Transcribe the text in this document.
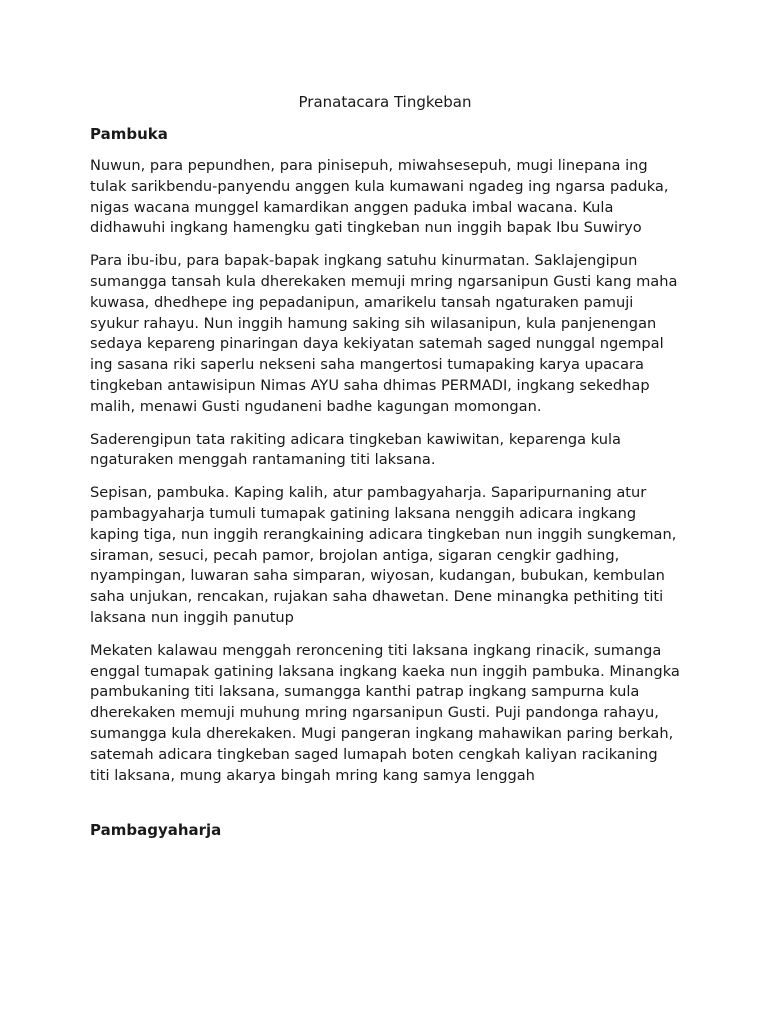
Pranatacara Tingkeban
Pambuka

Nuwun, para pepundhen, para pinisepuh, miwahsesepuh, mugi linepana ing tulak sarikbendu-panyendu anggen kula kumawani ngadeg ing ngarsa paduka, nigas wacana munggel kamardikan anggen paduka imbal wacana. Kula didhawuhi ingkang hamengku gati tingkeban nun inggih bapak Ibu Suwiryo

Para ibu-ibu, para bapak-bapak ingkang satuhu kinurmatan. Saklajengipun sumangga tansah kula dherekaken memuji mring ngarsanipun Gusti kang maha kuwasa, dhedhepe ing pepadanipun, amarikelu tansah ngaturaken pamuji syukur rahayu. Nun inggih hamung saking sih wilasanipun, kula panjenengan sedaya kepareng pinaringan daya kekiyatan satemah saged nunggal ngempal ing sasana riki saperlu nekseni saha mangertosi tumapaking karya upacara tingkeban antawisipun Nimas AYU saha dhimas PERMADI, ingkang sekedhap malih, menawi Gusti ngudaneni badhe kagungan momongan.

Saderengipun tata rakiting adicara tingkeban kawiwitan, keparenga kula ngaturaken menggah rantamaning titi laksana.

Sepisan, pambuka. Kaping kalih, atur pambagyaharja. Saparipurnaning atur pambagyaharja tumuli tumapak gatining laksana nenggih adicara ingkang kaping tiga, nun inggih rerangkaining adicara tingkeban nun inggih sungkeman, siraman, sesuci, pecah pamor, brojolan antiga, sigaran cengkir gadhing, nyampingan, luwaran saha simparan, wiyosan, kudangan, bubukan, kembulan saha unjukan, rencakan, rujakan saha dhawetan. Dene minangka pethiting titi laksana nun inggih panutup

Mekaten kalawau menggah reroncening titi laksana ingkang rinacik, sumanga enggal tumapak gatining laksana ingkang kaeka nun inggih pambuka. Minangka pambukaning titi laksana, sumangga kanthi patrap ingkang sampurna kula dherekaken memuji muhung mring ngarsanipun Gusti. Puji pandonga rahayu, sumangga kula dherekaken. Mugi pangeran ingkang mahawikan paring berkah, satemah adicara tingkeban saged lumapah boten cengkah kaliyan racikaning titi laksana, mung akarya bingah mring kang samya lenggah

Pambagyaharja
